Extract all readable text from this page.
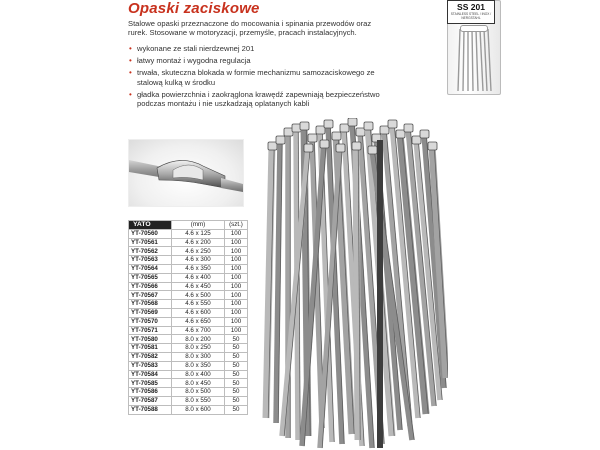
Opaski zaciskowe
Stalowe opaski przeznaczone do mocowania i spinania przewodów oraz rurek. Stosowane w motoryzacji, przemyśle, pracach instalacyjnych.
• wykonane ze stali nierdzewnej 201
• łatwy montaż i wygodna regulacja
• trwała, skuteczna blokada w formie mechanizmu samozaciskowego ze stalową kulką w środku
• gładka powierzchnia i zaokrąglona krawędź zapewniają bezpieczeństwo podczas montażu i nie uszkadzają oplatanych kabli
SS 201
STAINLESS STEEL / INOX / NERGSTAHL
YATO	(mm)	(szt.)
YT-70560	4.6 x 125	100
YT-70561	4.6 x 200	100
YT-70562	4.6 x 250	100
YT-70563	4.6 x 300	100
YT-70564	4.6 x 350	100
YT-70565	4.6 x 400	100
YT-70566	4.6 x 450	100
YT-70567	4.6 x 500	100
YT-70568	4.6 x 550	100
YT-70569	4.6 x 600	100
YT-70570	4.6 x 650	100
YT-70571	4.6 x 700	100
YT-70580	8.0 x 200	50
YT-70581	8.0 x 250	50
YT-70582	8.0 x 300	50
YT-70583	8.0 x 350	50
YT-70584	8.0 x 400	50
YT-70585	8.0 x 450	50
YT-70586	8.0 x 500	50
YT-70587	8.0 x 550	50
YT-70588	8.0 x 600	50
